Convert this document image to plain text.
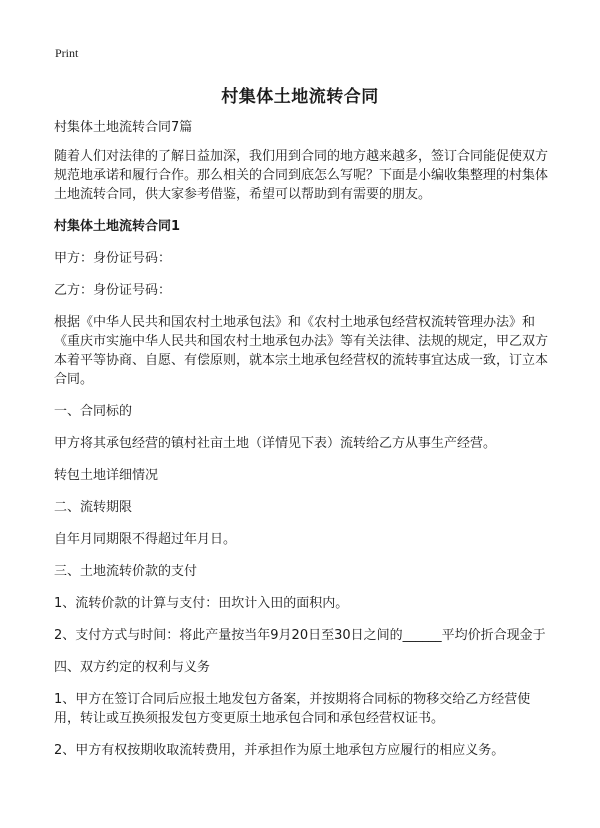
Print
村集体土地流转合同

村集体土地流转合同7篇

随着人们对法律的了解日益加深，我们用到合同的地方越来越多，签订合同能促使双方规范地承诺和履行合作。那么相关的合同到底怎么写呢？下面是小编收集整理的村集体土地流转合同，供大家参考借鉴，希望可以帮助到有需要的朋友。

村集体土地流转合同1

甲方：身份证号码：

乙方：身份证号码：

根据《中华人民共和国农村土地承包法》和《农村土地承包经营权流转管理办法》和《重庆市实施中华人民共和国农村土地承包办法》等有关法律、法规的规定，甲乙双方本着平等协商、自愿、有偿原则，就本宗土地承包经营权的流转事宜达成一致，订立本合同。

一、合同标的

甲方将其承包经营的镇村社亩土地（详情见下表）流转给乙方从事生产经营。

转包土地详细情况

二、流转期限

自年月同期限不得超过年月日。

三、土地流转价款的支付

1、流转价款的计算与支付：田坎计入田的面积内。

2、支付方式与时间：将此产量按当年9月20日至30日之间的______平均价折合现金于

四、双方约定的权利与义务

1、甲方在签订合同后应报土地发包方备案，并按期将合同标的物移交给乙方经营使用，转让或互换须报发包方变更原土地承包合同和承包经营权证书。

2、甲方有权按期收取流转费用，并承担作为原土地承包方应履行的相应义务。
